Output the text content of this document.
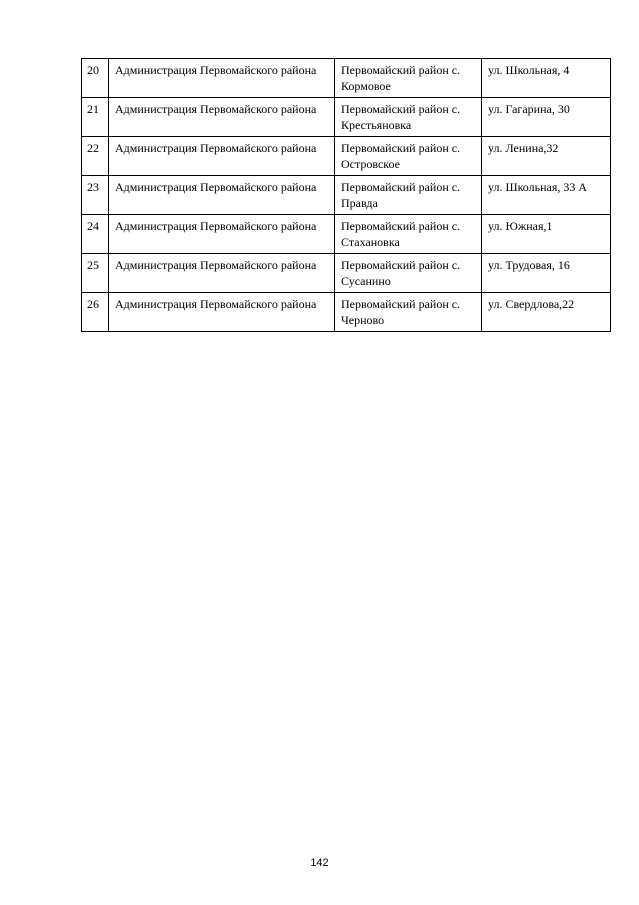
20	Администрация Первомайского района	Первомайский район с. Кормовое	ул. Школьная, 4
21	Администрация Первомайского района	Первомайский район с. Крестьяновка	ул. Гагарина, 30
22	Администрация Первомайского района	Первомайский район с. Островское	ул. Ленина,32
23	Администрация Первомайского района	Первомайский район с. Правда	ул. Школьная, 33 А
24	Администрация Первомайского района	Первомайский район с. Стахановка	ул. Южная,1
25	Администрация Первомайского района	Первомайский район с. Сусанино	ул. Трудовая, 16
26	Администрация Первомайского района	Первомайский район с. Черново	ул. Свердлова,22
142
